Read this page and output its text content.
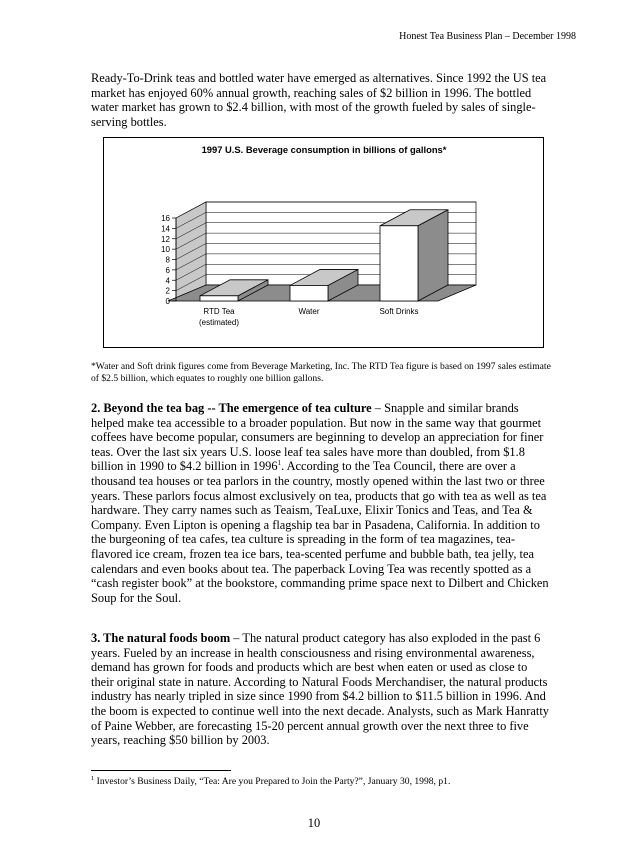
Honest Tea Business Plan – December 1998

Ready-To-Drink teas and bottled water have emerged as alternatives. Since 1992 the US tea market has enjoyed 60% annual growth, reaching sales of $2 billion in 1996. The bottled water market has grown to $2.4 billion, with most of the growth fueled by sales of single-serving bottles.

1997 U.S. Beverage consumption in billions of gallons*
0
2
4
6
8
10
12
14
16
RTD Tea
(estimated)
Water	Soft Drinks

*Water and Soft drink figures come from Beverage Marketing, Inc. The RTD Tea figure is based on 1997 sales estimate of $2.5 billion, which equates to roughly one billion gallons.

2. Beyond the tea bag -- The emergence of tea culture – Snapple and similar brands helped make tea accessible to a broader population. But now in the same way that gourmet coffees have become popular, consumers are beginning to develop an appreciation for finer teas. Over the last six years U.S. loose leaf tea sales have more than doubled, from $1.8 billion in 1990 to $4.2 billion in 1996$^1$. According to the Tea Council, there are over a thousand tea houses or tea parlors in the country, mostly opened within the last two or three years. These parlors focus almost exclusively on tea, products that go with tea as well as tea hardware. They carry names such as Teaism, TeaLuxe, Elixir Tonics and Teas, and Tea & Company. Even Lipton is opening a flagship tea bar in Pasadena, California. In addition to the burgeoning of tea cafes, tea culture is spreading in the form of tea magazines, tea-flavored ice cream, frozen tea ice bars, tea-scented perfume and bubble bath, tea jelly, tea calendars and even books about tea. The paperback Loving Tea was recently spotted as a “cash register book” at the bookstore, commanding prime space next to Dilbert and Chicken Soup for the Soul.

3. The natural foods boom – The natural product category has also exploded in the past 6 years. Fueled by an increase in health consciousness and rising environmental awareness, demand has grown for foods and products which are best when eaten or used as close to their original state in nature. According to Natural Foods Merchandiser, the natural products industry has nearly tripled in size since 1990 from $4.2 billion to $11.5 billion in 1996. And the boom is expected to continue well into the next decade. Analysts, such as Mark Hanratty of Paine Webber, are forecasting 15-20 percent annual growth over the next three to five years, reaching $50 billion by 2003.

$^1$ Investor’s Business Daily, “Tea: Are you Prepared to Join the Party?”, January 30, 1998, p1.
10
